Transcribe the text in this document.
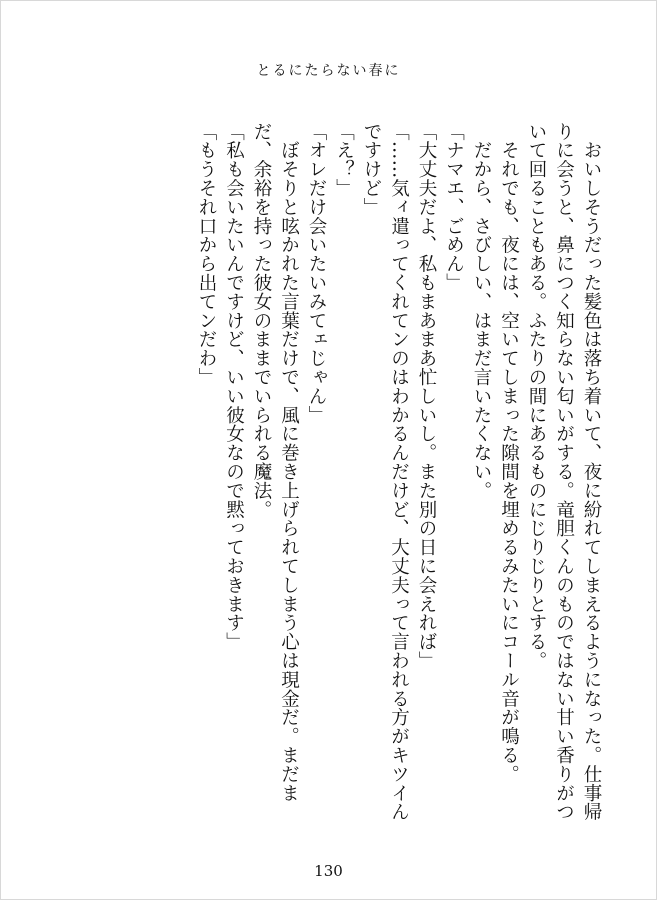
とるにたらない春に
　おいしそうだった髪色は落ち着いて、夜に紛れてしまえるようになった。仕事帰
りに会うと、鼻につく知らない匂いがする。竜胆くんのものではない甘い香りがつ
いて回ることもある。ふたりの間にあるものにじりじりとする。
　それでも、夜には、空いてしまった隙間を埋めるみたいにコール音が鳴る。
　だから、さびしい、はまだ言いたくない。
「ナマエ、ごめん」
「大丈夫だよ、私もまあまあ忙しいし。また別の日に会えれば」
「……気ィ遣ってくれてンのはわかるんだけど、大丈夫って言われる方がキツイん
ですけど」
「え？」
「オレだけ会いたいみてェじゃん」
　ぼそりと呟かれた言葉だけで、風に巻き上げられてしまう心は現金だ。まだま
だ、余裕を持った彼女のままでいられる魔法。
「私も会いたいんですけど、いい彼女なので黙っておきます」
「もうそれ口から出てンだわ」
130
